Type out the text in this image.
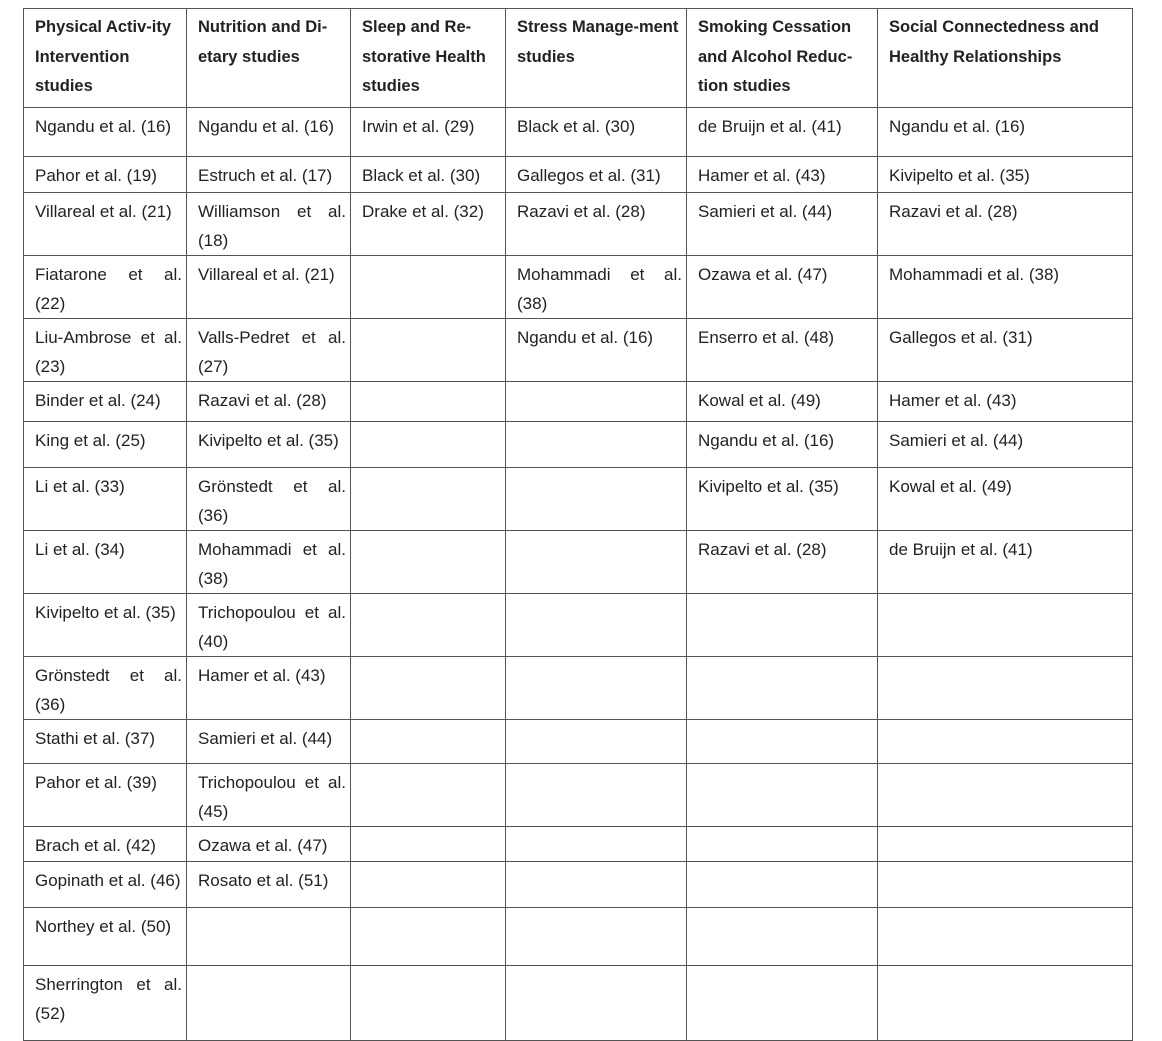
Physical Activ-ity Intervention studies	Nutrition and Di-etary studies	Sleep and Re-storative Health studies	Stress Manage-ment studies	Smoking Cessation and Alcohol Reduc-tion studies	Social Connectedness and Healthy Relationships

Ngandu et al. (16)	Ngandu et al. (16)	Irwin et al. (29)	Black et al. (30)	de Bruijn et al. (41)	Ngandu et al. (16)

Pahor et al. (19)	Estruch et al. (17)	Black et al. (30)	Gallegos et al. (31)	Hamer et al. (43)	Kivipelto et al. (35)

Villareal et al. (21)	Williamson et al. (18)	Drake et al. (32)	Razavi et al. (28)	Samieri et al. (44)	Razavi et al. (28)

Fiatarone et al. (22)	Villareal et al. (21)		Mohammadi et al. (38)	Ozawa et al. (47)	Mohammadi et al. (38)

Liu-Ambrose et al. (23)	Valls-Pedret et al. (27)		Ngandu et al. (16)	Enserro et al. (48)	Gallegos et al. (31)

Binder et al. (24)	Razavi et al. (28)			Kowal et al. (49)	Hamer et al. (43)

King et al. (25)	Kivipelto et al. (35)			Ngandu et al. (16)	Samieri et al. (44)

Li et al. (33)	Grönstedt et al. (36)			Kivipelto et al. (35)	Kowal et al. (49)

Li et al. (34)	Mohammadi et al. (38)			Razavi et al. (28)	de Bruijn et al. (41)

Kivipelto et al. (35)	Trichopoulou et al. (40)				

Grönstedt et al. (36)	Hamer et al. (43)				

Stathi et al. (37)	Samieri et al. (44)				

Pahor et al. (39)	Trichopoulou et al. (45)				

Brach et al. (42)	Ozawa et al. (47)				

Gopinath et al. (46)	Rosato et al. (51)				

Northey et al. (50)					

Sherrington et al. (52)					
